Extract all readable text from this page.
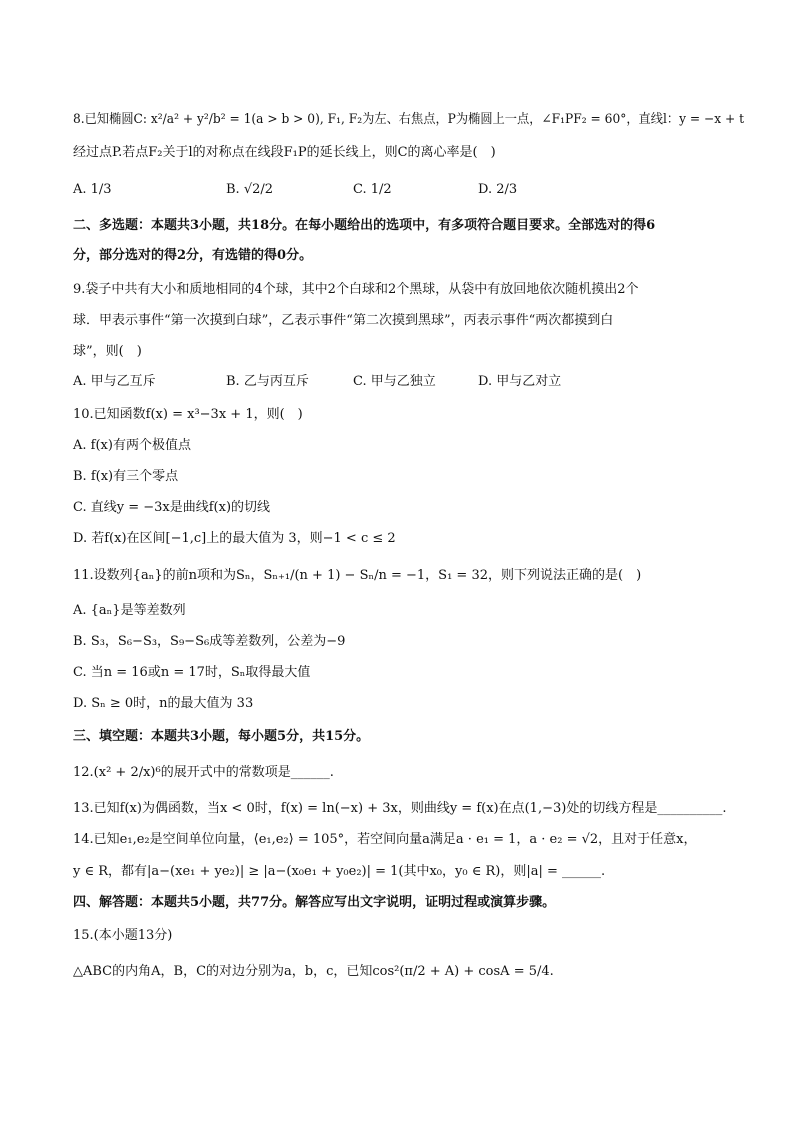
8.已知椭圆C: x²/a² + y²/b² = 1(a > b > 0), F₁, F₂为左、右焦点，P为椭圆上一点，∠F₁PF₂ = 60°，直线l：y = −x + t
经过点P.若点F₂关于l的对称点在线段F₁P的延长线上，则C的离心率是(　)
A. 1/3	B. √2/2	C. 1/2	D. 2/3
二、多选题：本题共3小题，共18分。在每小题给出的选项中，有多项符合题目要求。全部选对的得6
分，部分选对的得2分，有选错的得0分。
9.袋子中共有大小和质地相同的4个球，其中2个白球和2个黑球，从袋中有放回地依次随机摸出2个
球．甲表示事件“第一次摸到白球”，乙表示事件“第二次摸到黑球”，丙表示事件“两次都摸到白
球”，则(　)
A. 甲与乙互斥	B. 乙与丙互斥	C. 甲与乙独立	D. 甲与乙对立
10.已知函数f(x) = x³−3x + 1，则(　)
A. f(x)有两个极值点
B. f(x)有三个零点
C. 直线y = −3x是曲线f(x)的切线
D. 若f(x)在区间[−1,c]上的最大值为 3，则−1 < c ≤ 2
11.设数列{aₙ}的前n项和为Sₙ，Sₙ₊₁/(n + 1) − Sₙ/n = −1，S₁ = 32，则下列说法正确的是(　)
A. {aₙ}是等差数列
B. S₃，S₆−S₃，S₉−S₆成等差数列，公差为−9
C. 当n = 16或n = 17时，Sₙ取得最大值
D. Sₙ ≥ 0时，n的最大值为 33
三、填空题：本题共3小题，每小题5分，共15分。
12.(x² + 2/x)⁶的展开式中的常数项是______.
13.已知f(x)为偶函数，当x < 0时，f(x) = ln(−x) + 3x，则曲线y = f(x)在点(1,−3)处的切线方程是__________.
14.已知e₁,e₂是空间单位向量，⟨e₁,e₂⟩ = 105°，若空间向量a满足a · e₁ = 1，a · e₂ = √2，且对于任意x，
y ∈ R，都有|a−(xe₁ + ye₂)| ≥ |a−(x₀e₁ + y₀e₂)| = 1(其中x₀，y₀ ∈ R)，则|a| = ______.
四、解答题：本题共5小题，共77分。解答应写出文字说明，证明过程或演算步骤。
15.(本小题13分)
△ABC的内角A，B，C的对边分别为a，b，c，已知cos²(π/2 + A) + cosA = 5/4.
